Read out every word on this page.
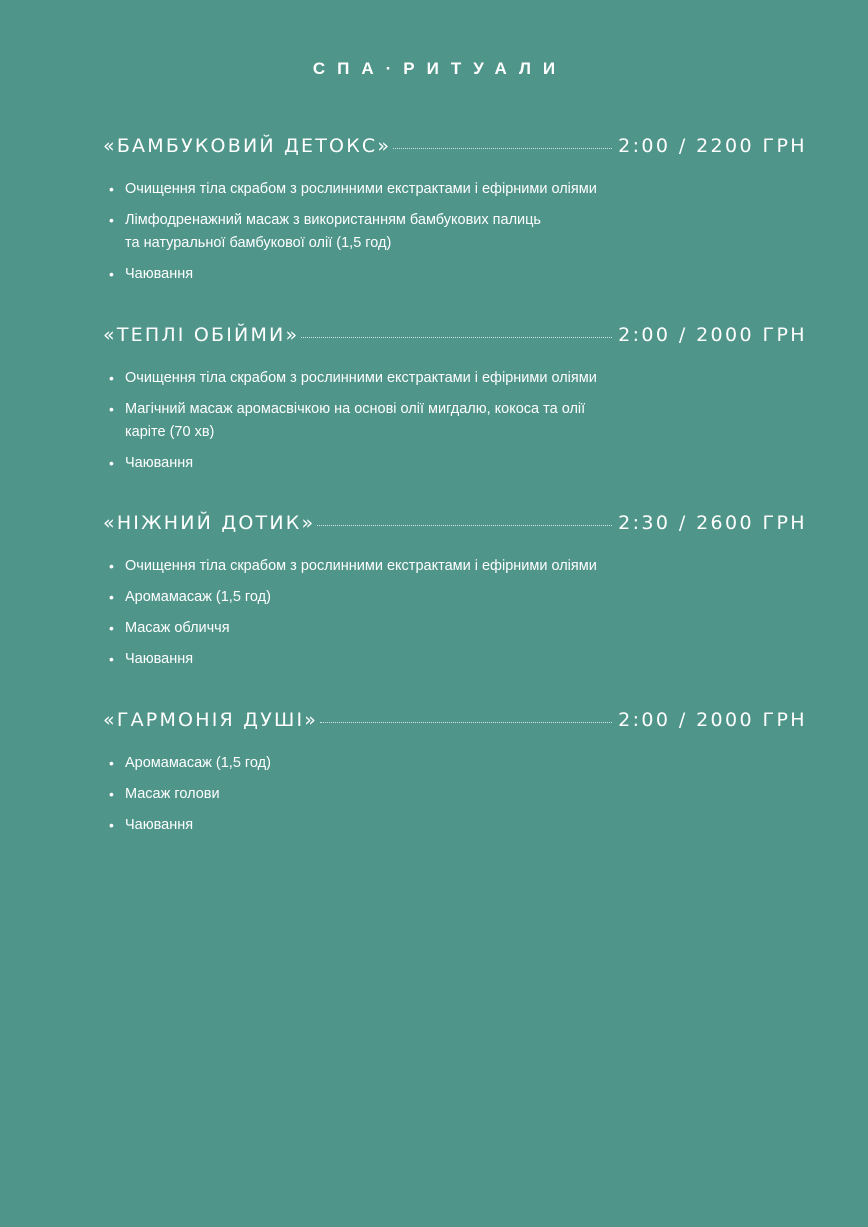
СПА·РИТУАЛИ
«БАМБУКОВИЙ ДЕТОКС»	2:00 / 2200 ГРН
• Очищення тіла скрабом з рослинними екстрактами і ефірними оліями
• Лімфодренажний масаж з використанням бамбукових палиць
та натуральної бамбукової олії (1,5 год)
• Чаювання
«ТЕПЛІ ОБІЙМИ»	2:00 / 2000 ГРН
• Очищення тіла скрабом з рослинними екстрактами і ефірними оліями
• Магічний масаж аромасвічкою на основі олії мигдалю, кокоса та олії
каріте (70 хв)
• Чаювання
«НІЖНИЙ ДОТИК»	2:30 / 2600 ГРН
• Очищення тіла скрабом з рослинними екстрактами і ефірними оліями
• Аромамасаж (1,5 год)
• Масаж обличчя
• Чаювання
«ГАРМОНІЯ ДУШІ»	2:00 / 2000 ГРН
• Аромамасаж (1,5 год)
• Масаж голови
• Чаювання
